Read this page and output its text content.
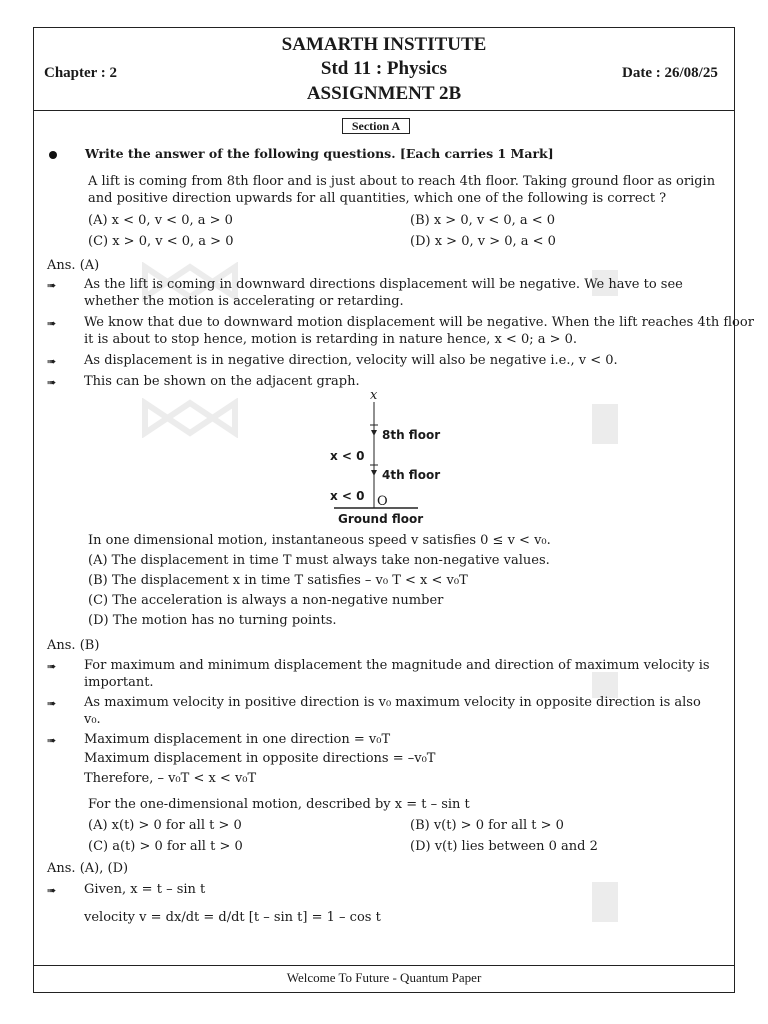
SAMARTH INSTITUTE
Std 11 : Physics
ASSIGNMENT 2B
Chapter : 2	Date : 26/08/25
Section A
Write the answer of the following questions. [Each carries 1 Mark]
A lift is coming from 8th floor and is just about to reach 4th floor. Taking ground floor as origin
and positive direction upwards for all quantities, which one of the following is correct ?
(A) x < 0, v < 0, a > 0	(B) x > 0, v < 0, a < 0
(C) x > 0, v < 0, a > 0	(D) x > 0, v > 0, a < 0
Ans. (A)
➠ As the lift is coming in downward directions displacement will be negative. We have to see
whether the motion is accelerating or retarding.
➠ We know that due to downward motion displacement will be negative. When the lift reaches 4th floor
it is about to stop hence, motion is retarding in nature hence, x < 0; a > 0.
➠ As displacement is in negative direction, velocity will also be negative i.e., v < 0.
➠ This can be shown on the adjacent graph.
x
8th floor
4th floor
x < 0
x < 0 O
Ground floor
In one dimensional motion, instantaneous speed v satisfies 0 ≤ v < v₀.
(A) The displacement in time T must always take non-negative values.
(B) The displacement x in time T satisfies – v₀ T < x < v₀T
(C) The acceleration is always a non-negative number
(D) The motion has no turning points.
Ans. (B)
➠ For maximum and minimum displacement the magnitude and direction of maximum velocity is
important.
➠ As maximum velocity in positive direction is v₀ maximum velocity in opposite direction is also
v₀.
➠ Maximum displacement in one direction = v₀T
Maximum displacement in opposite directions = –v₀T
Therefore, – v₀T < x < v₀T
For the one-dimensional motion, described by x = t – sin t
(A) x(t) > 0 for all t > 0	(B) v(t) > 0 for all t > 0
(C) a(t) > 0 for all t > 0	(D) v(t) lies between 0 and 2
Ans. (A), (D)
➠ Given, x = t – sin t
velocity v = dx/dt = d/dt [t – sin t] = 1 – cos t
Welcome To Future - Quantum Paper
